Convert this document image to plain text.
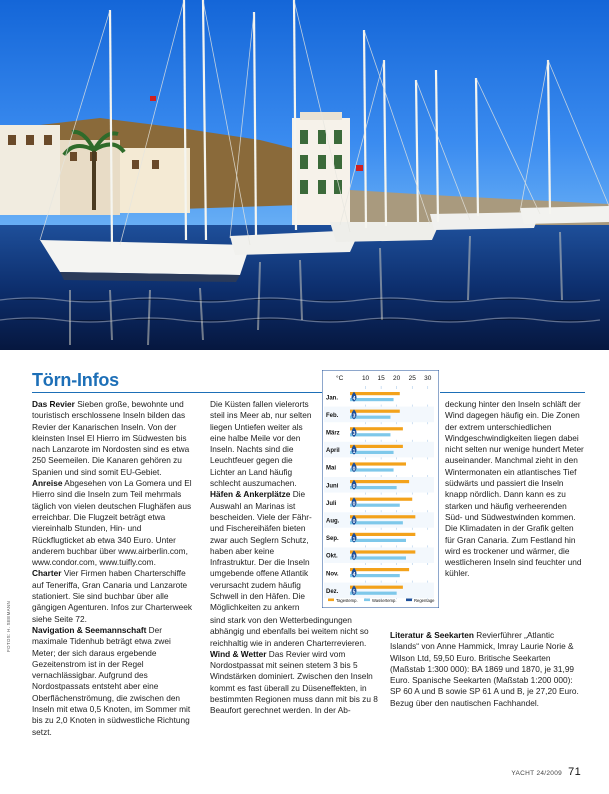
Törn-Infos

Das Revier Sieben große, bewohnte und touristisch erschlossene Inseln bilden das Revier der Kanarischen Inseln. Von der kleinsten Insel El Hierro im Südwesten bis nach Lanzarote im Nordosten sind es etwa 250 Seemeilen. Die Kanaren gehören zu Spanien und sind somit EU-Gebiet.

Anreise Abgesehen von La Gomera und El Hierro sind die Inseln zum Teil mehrmals täglich von vielen deutschen Flughäfen aus erreichbar. Die Flugzeit beträgt etwa viereinhalb Stunden, Hin- und Rückflugticket ab etwa 340 Euro. Unter anderem buchbar über www.airberlin.com, www.condor.com, www.tuifly.com.

Charter Vier Firmen haben Charterschiffe auf Teneriffa, Gran Canaria und Lanzarote stationiert. Sie sind buchbar über alle gängigen Agenturen. Infos zur Charterweek siehe Seite 72.

Navigation & Seemannschaft Der maximale Tidenhub beträgt etwa zwei Meter; der sich daraus ergebende Gezeitenstrom ist in der Regel vernachlässigbar. Aufgrund des Nordostpassats entsteht aber eine Oberflächenströmung, die zwischen den Inseln mit etwa 0,5 Knoten, im Sommer mit bis zu 2,0 Knoten in südwestliche Richtung setzt.

Die Küsten fallen vielerorts steil ins Meer ab, nur selten liegen Untiefen weiter als eine halbe Meile vor den Inseln. Nachts sind die Leuchtfeuer gegen die Lichter an Land häufig schlecht auszumachen.

Häfen & Ankerplätze Die Auswahl an Marinas ist bescheiden. Viele der Fähr- und Fischereihäfen bieten zwar auch Seglern Schutz, haben aber keine Infrastruktur. Der die Inseln umgebende offene Atlantik verursacht zudem häufig Schwell in den Häfen. Die Möglichkeiten zu ankern

sind stark von den Wetterbedingungen abhängig und ebenfalls bei weitem nicht so reichhaltig wie in anderen Charterrevieren.

Wind & Wetter Das Revier wird vom Nordostpassat mit seinen stetem 3 bis 5 Windstärken dominiert. Zwischen den Inseln kommt es fast überall zu Düseneffekten, in bestimmten Regionen muss dann mit bis zu 8 Beaufort gerechnet werden. In der Ab-

deckung hinter den Inseln schläft der Wind dagegen häufig ein. Die Zonen der extrem unterschiedlichen Windgeschwindigkeiten liegen dabei nicht selten nur wenige hundert Meter auseinander. Manchmal zieht in den Wintermonaten ein atlantisches Tief südwärts und passiert die Inseln knapp nördlich. Dann kann es zu starken und häufig verheerenden Süd- und Südwestwinden kommen. Die Klimadaten in der Grafik gelten für Gran Canaria. Zum Festland hin wird es trockener und wärmer, die westlicheren Inseln sind feuchter und kühler.

Literatur & Seekarten Revierführer „Atlantic Islands“ von Anne Hammick, Imray Laurie Norie & Wilson Ltd, 59,50 Euro. Britische Seekarten (Maßstab 1:300 000): BA 1869 und 1870, je 31,99 Euro. Spanische Seekarten (Maßstab 1:200 000): SP 60 A und B sowie SP 61 A und B, je 27,20 Euro. Bezug über den nautischen Fachhandel.

°C	10 15 20 25 30
Jan.	4
Feb.	3
März	3
April	1
Mai	0
Juni	0
Juli	0
Aug.	0
Sep.	1
Okt.	3
Nov.	4
Dez.	5
Tagestemp.	Wassertemp.	Regentage
FOTOS: H. SEEMANN
YACHT 24/2009 71
